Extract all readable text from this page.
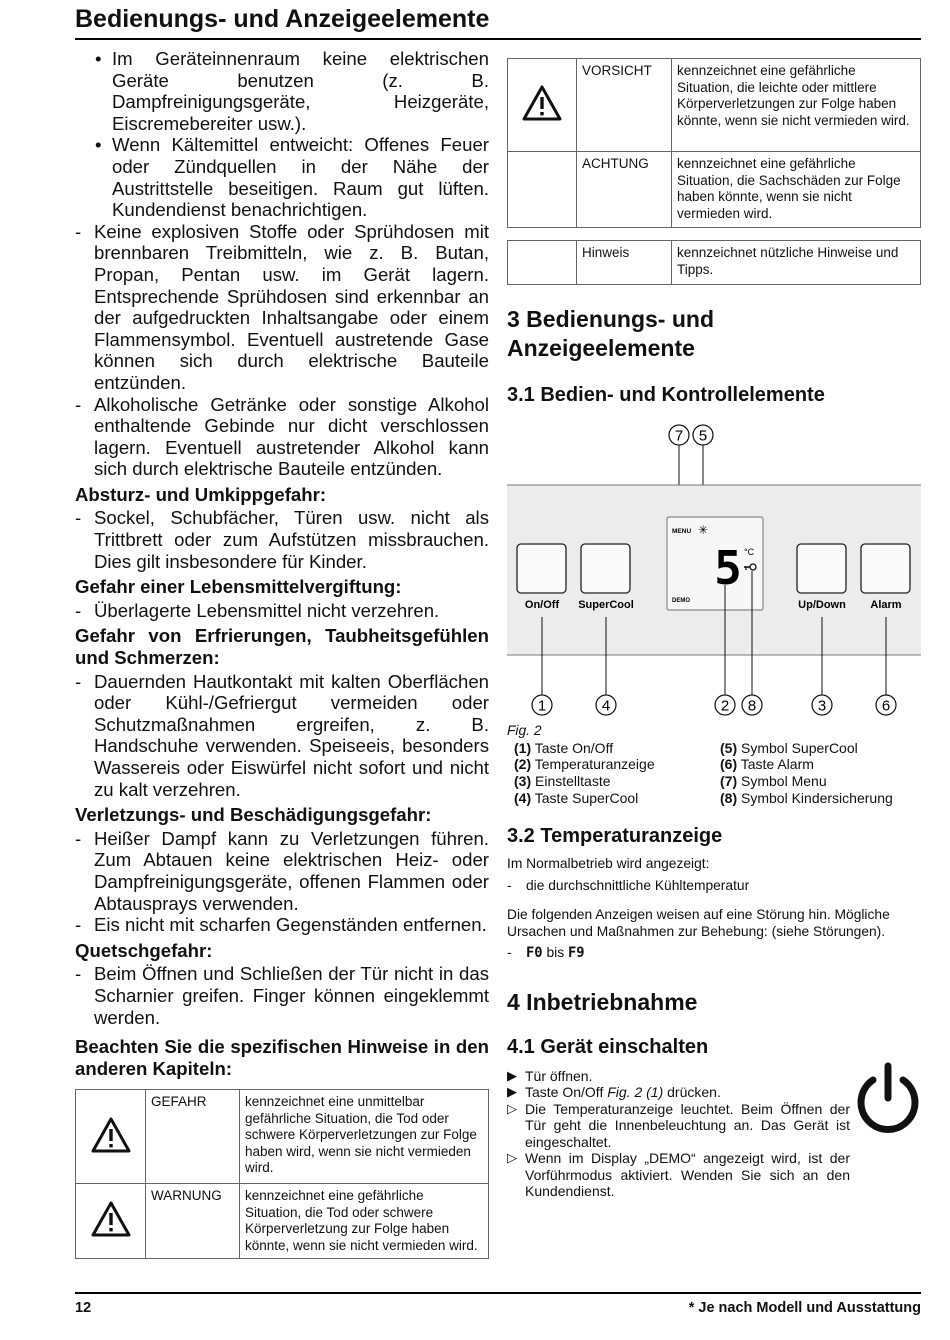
Bedienungs- und Anzeigeelemente
• Im Geräteinnenraum keine elektrischen Geräte benutzen (z. B. Dampfreinigungsgeräte, Heizgeräte, Eiscremebereiter usw.).
• Wenn Kältemittel entweicht: Offenes Feuer oder Zündquellen in der Nähe der Austrittstelle beseitigen. Raum gut lüften. Kundendienst benachrichtigen.
- Keine explosiven Stoffe oder Sprühdosen mit brennbaren Treibmitteln, wie z. B. Butan, Propan, Pentan usw. im Gerät lagern. Entsprechende Sprühdosen sind erkennbar an der aufgedruckten Inhaltsangabe oder einem Flammensymbol. Eventuell austretende Gase können sich durch elektrische Bauteile entzünden.
- Alkoholische Getränke oder sonstige Alkohol enthaltende Gebinde nur dicht verschlossen lagern. Eventuell austretender Alkohol kann sich durch elektrische Bauteile entzünden.
Absturz- und Umkippgefahr:
- Sockel, Schubfächer, Türen usw. nicht als Trittbrett oder zum Aufstützen missbrauchen. Dies gilt insbesondere für Kinder.
Gefahr einer Lebensmittelvergiftung:
- Überlagerte Lebensmittel nicht verzehren.
Gefahr von Erfrierungen, Taubheitsgefühlen und Schmerzen:
- Dauernden Hautkontakt mit kalten Oberflächen oder Kühl-/Gefriergut vermeiden oder Schutzmaßnahmen ergreifen, z. B. Handschuhe verwenden. Speiseeis, besonders Wassereis oder Eiswürfel nicht sofort und nicht zu kalt verzehren.
Verletzungs- und Beschädigungsgefahr:
- Heißer Dampf kann zu Verletzungen führen. Zum Abtauen keine elektrischen Heiz- oder Dampfreinigungsgeräte, offenen Flammen oder Abtausprays verwenden.
- Eis nicht mit scharfen Gegenständen entfernen.
Quetschgefahr:
- Beim Öffnen und Schließen der Tür nicht in das Scharnier greifen. Finger können eingeklemmt werden.
Beachten Sie die spezifischen Hinweise in den anderen Kapiteln:
	GEFAHR	kennzeichnet eine unmittelbar gefährliche Situation, die Tod oder schwere Körperverletzungen zur Folge haben wird, wenn sie nicht vermieden wird.
	WARNUNG	kennzeichnet eine gefährliche Situation, die Tod oder schwere Körperverletzung zur Folge haben könnte, wenn sie nicht vermieden wird.
	VORSICHT	kennzeichnet eine gefährliche Situation, die leichte oder mittlere Körperverletzungen zur Folge haben könnte, wenn sie nicht vermieden wird.
	ACHTUNG	kennzeichnet eine gefährliche Situation, die Sachschäden zur Folge haben könnte, wenn sie nicht vermieden wird.
	Hinweis	kennzeichnet nützliche Hinweise und Tipps.
3 Bedienungs- und Anzeigeelemente
3.1 Bedien- und Kontrollelemente
7 5
MENU ✳
5 °C
DEMO
On/Off SuperCool	Up/Down Alarm
1	4	2 8	3	6
Fig. 2
(1) Taste On/Off	(5) Symbol SuperCool
(2) Temperaturanzeige	(6) Taste Alarm
(3) Einstelltaste	(7) Symbol Menu
(4) Taste SuperCool	(8) Symbol Kindersicherung
3.2 Temperaturanzeige
Im Normalbetrieb wird angezeigt:
- die durchschnittliche Kühltemperatur
Die folgenden Anzeigen weisen auf eine Störung hin. Mögliche Ursachen und Maßnahmen zur Behebung: (siehe Störungen).
- F0 bis F9
4 Inbetriebnahme
4.1 Gerät einschalten
▶ Tür öffnen.
▶ Taste On/Off Fig. 2 (1) drücken.
▷ Die Temperaturanzeige leuchtet. Beim Öffnen der Tür geht die Innenbeleuchtung an. Das Gerät ist eingeschaltet.
▷ Wenn im Display „DEMO“ angezeigt wird, ist der Vorführmodus aktiviert. Wenden Sie sich an den Kundendienst.
12	* Je nach Modell und Ausstattung
